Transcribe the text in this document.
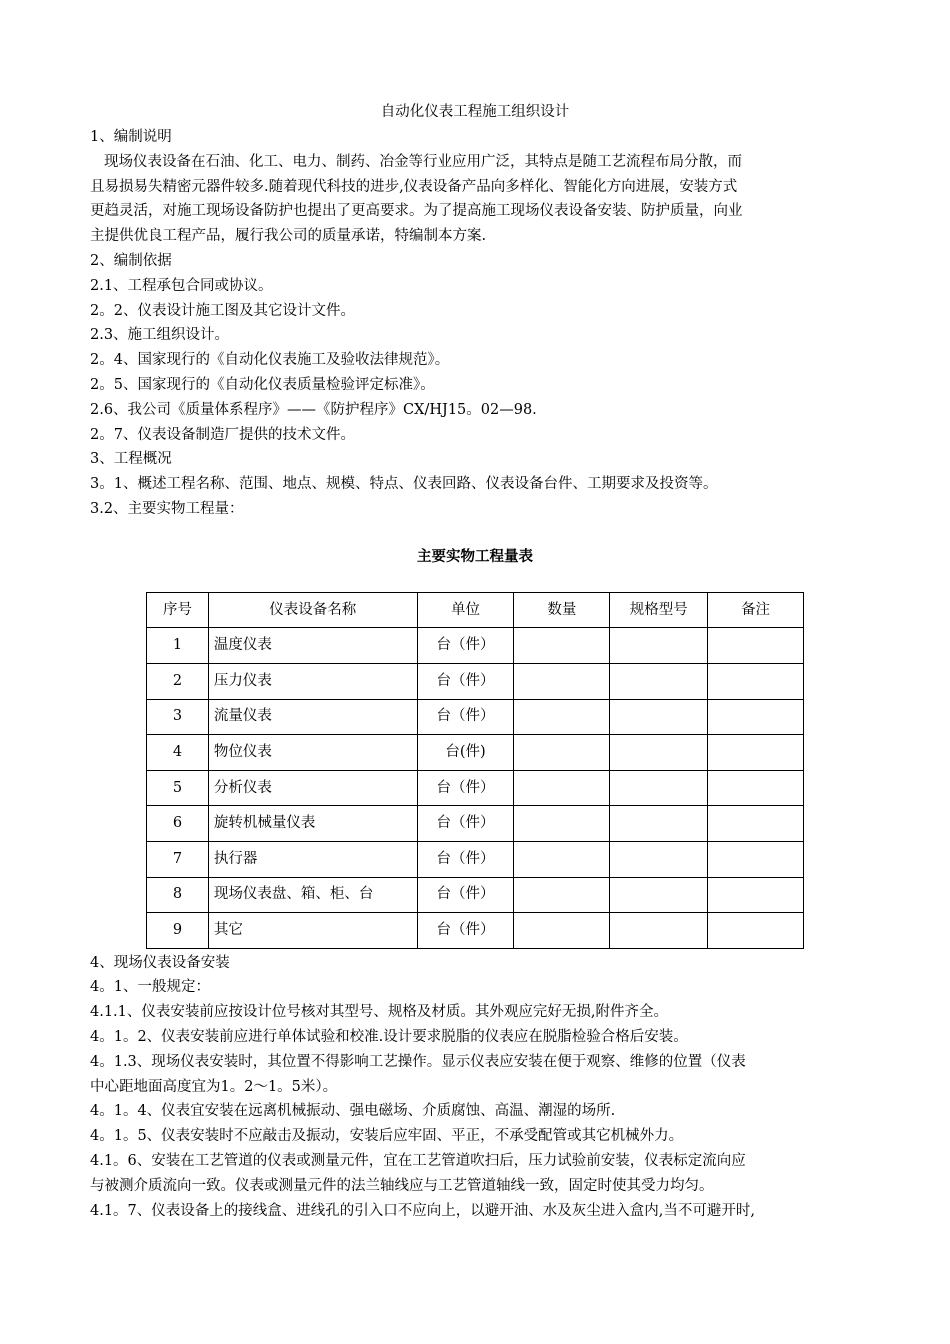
自动化仪表工程施工组织设计
1、编制说明
现场仪表设备在石油、化工、电力、制药、冶金等行业应用广泛，其特点是随工艺流程布局分散，而
且易损易失精密元器件较多.随着现代科技的进步,仪表设备产品向多样化、智能化方向进展，安装方式
更趋灵活，对施工现场设备防护也提出了更高要求。为了提高施工现场仪表设备安装、防护质量，向业
主提供优良工程产品，履行我公司的质量承诺，特编制本方案.
2、编制依据
2.1、工程承包合同或协议。
2。2、仪表设计施工图及其它设计文件。
2.3、施工组织设计。
2。4、国家现行的《自动化仪表施工及验收法律规范》。
2。5、国家现行的《自动化仪表质量检验评定标准》。
2.6、我公司《质量体系程序》——《防护程序》CX/HJ15。02—98.
2。7、仪表设备制造厂提供的技术文件。
3、工程概况
3。1、概述工程名称、范围、地点、规模、特点、仪表回路、仪表设备台件、工期要求及投资等。
3.2、主要实物工程量：
主要实物工程量表
序号	仪表设备名称	单位	数量	规格型号	备注
1	温度仪表	台（件）			
2	压力仪表	台（件）			
3	流量仪表	台（件）			
4	物位仪表	台(件)			
5	分析仪表	台（件）			
6	旋转机械量仪表	台（件）			
7	执行器	台（件）			
8	现场仪表盘、箱、柜、台	台（件）			
9	其它	台（件）			
4、现场仪表设备安装
4。1、一般规定：
4.1.1、仪表安装前应按设计位号核对其型号、规格及材质。其外观应完好无损,附件齐全。
4。1。2、仪表安装前应进行单体试验和校准.设计要求脱脂的仪表应在脱脂检验合格后安装。
4。1.3、现场仪表安装时，其位置不得影响工艺操作。显示仪表应安装在便于观察、维修的位置（仪表
中心距地面高度宜为1。2～1。5米）。
4。1。4、仪表宜安装在远离机械振动、强电磁场、介质腐蚀、高温、潮湿的场所.
4。1。5、仪表安装时不应敲击及振动，安装后应牢固、平正，不承受配管或其它机械外力。
4.1。6、安装在工艺管道的仪表或测量元件，宜在工艺管道吹扫后，压力试验前安装，仪表标定流向应
与被测介质流向一致。仪表或测量元件的法兰轴线应与工艺管道轴线一致，固定时使其受力均匀。
4.1。7、仪表设备上的接线盒、进线孔的引入口不应向上，以避开油、水及灰尘进入盒内,当不可避开时,
